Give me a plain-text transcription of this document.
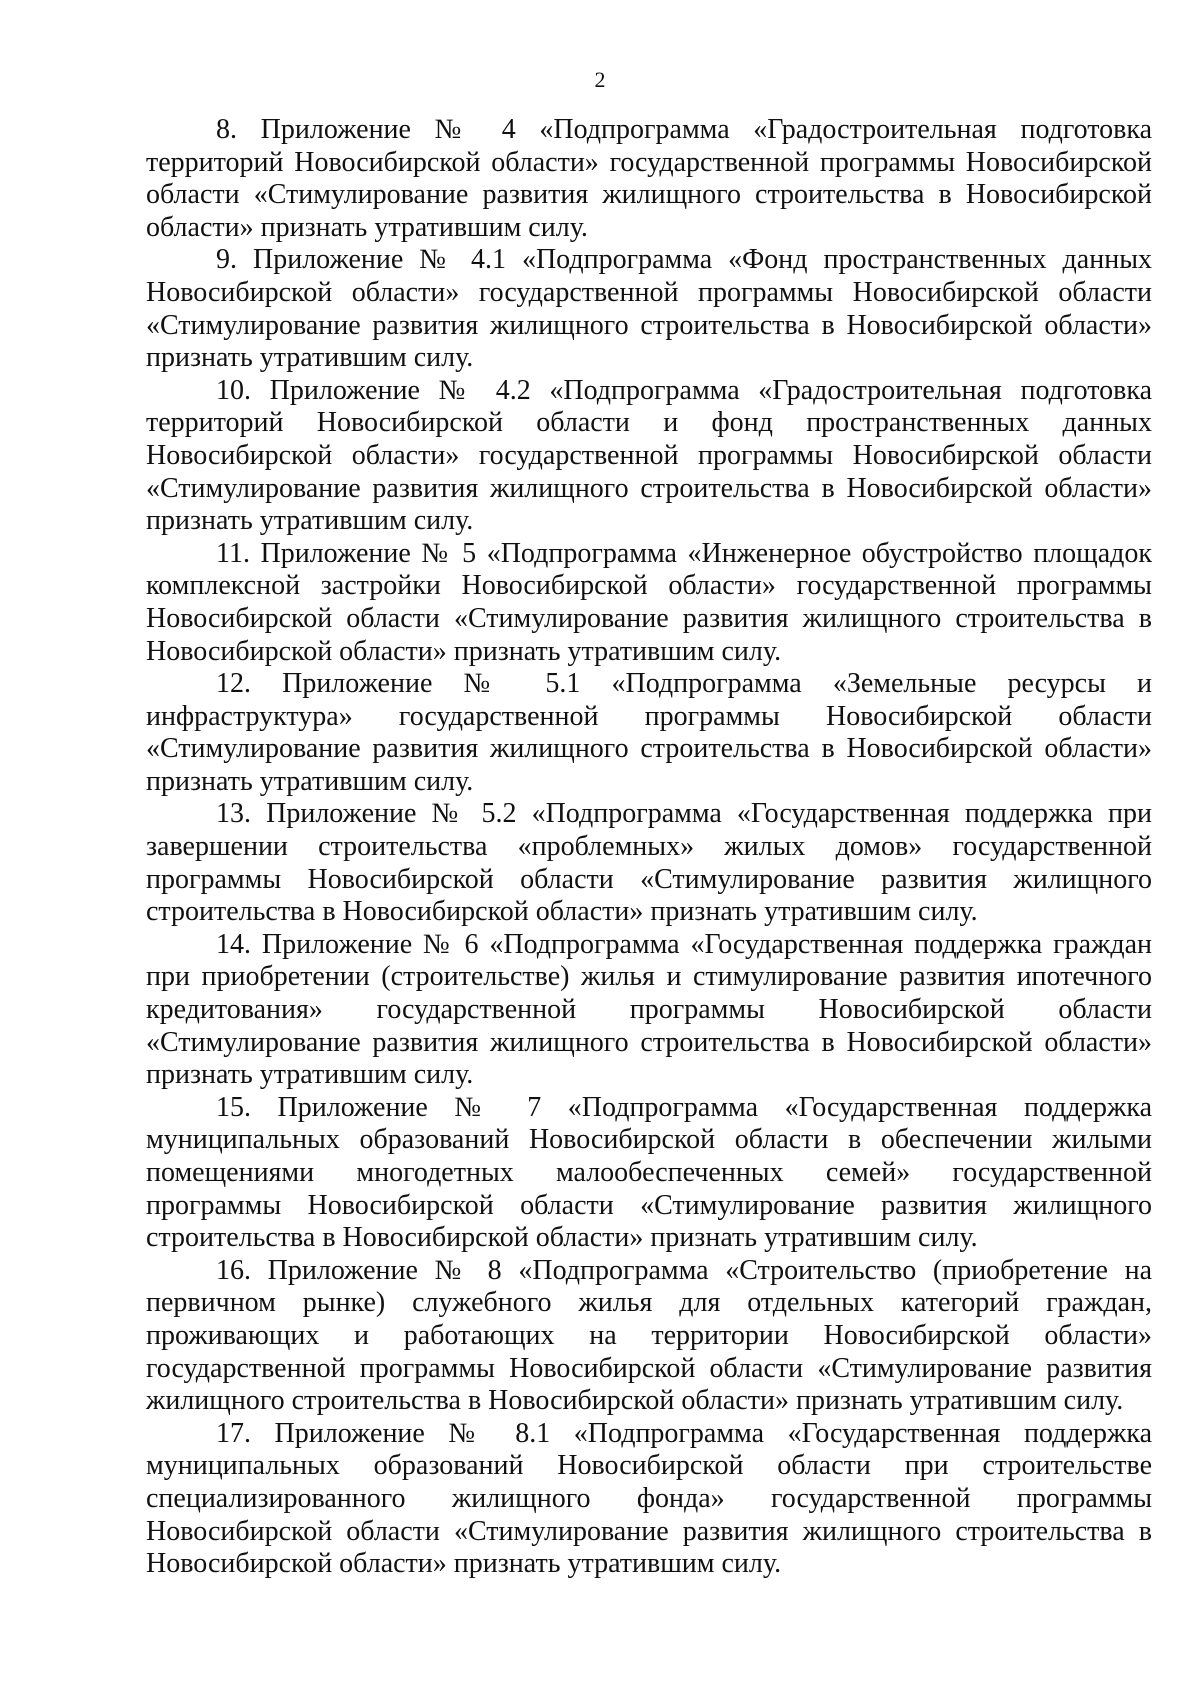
2

8. Приложение № 4 «Подпрограмма «Градостроительная подготовка территорий Новосибирской области» государственной программы Новосибирской области «Стимулирование развития жилищного строительства в Новосибирской области» признать утратившим силу.

9. Приложение № 4.1 «Подпрограмма «Фонд пространственных данных Новосибирской области» государственной программы Новосибирской области «Стимулирование развития жилищного строительства в Новосибирской области» признать утратившим силу.

10. Приложение № 4.2 «Подпрограмма «Градостроительная подготовка территорий Новосибирской области и фонд пространственных данных Новосибирской области» государственной программы Новосибирской области «Стимулирование развития жилищного строительства в Новосибирской области» признать утратившим силу.

11. Приложение № 5 «Подпрограмма «Инженерное обустройство площадок комплексной застройки Новосибирской области» государственной программы Новосибирской области «Стимулирование развития жилищного строительства в Новосибирской области» признать утратившим силу.

12. Приложение № 5.1 «Подпрограмма «Земельные ресурсы и инфраструктура» государственной программы Новосибирской области «Стимулирование развития жилищного строительства в Новосибирской области» признать утратившим силу.

13. Приложение № 5.2 «Подпрограмма «Государственная поддержка при завершении строительства «проблемных» жилых домов» государственной программы Новосибирской области «Стимулирование развития жилищного строительства в Новосибирской области» признать утратившим силу.

14. Приложение № 6 «Подпрограмма «Государственная поддержка граждан при приобретении (строительстве) жилья и стимулирование развития ипотечного кредитования» государственной программы Новосибирской области «Стимулирование развития жилищного строительства в Новосибирской области» признать утратившим силу.

15. Приложение № 7 «Подпрограмма «Государственная поддержка муниципальных образований Новосибирской области в обеспечении жилыми помещениями многодетных малообеспеченных семей» государственной программы Новосибирской области «Стимулирование развития жилищного строительства в Новосибирской области» признать утратившим силу.

16. Приложение № 8 «Подпрограмма «Строительство (приобретение на первичном рынке) служебного жилья для отдельных категорий граждан, проживающих и работающих на территории Новосибирской области» государственной программы Новосибирской области «Стимулирование развития жилищного строительства в Новосибирской области» признать утратившим силу.

17. Приложение № 8.1 «Подпрограмма «Государственная поддержка муниципальных образований Новосибирской области при строительстве специализированного жилищного фонда» государственной программы Новосибирской области «Стимулирование развития жилищного строительства в Новосибирской области» признать утратившим силу.
